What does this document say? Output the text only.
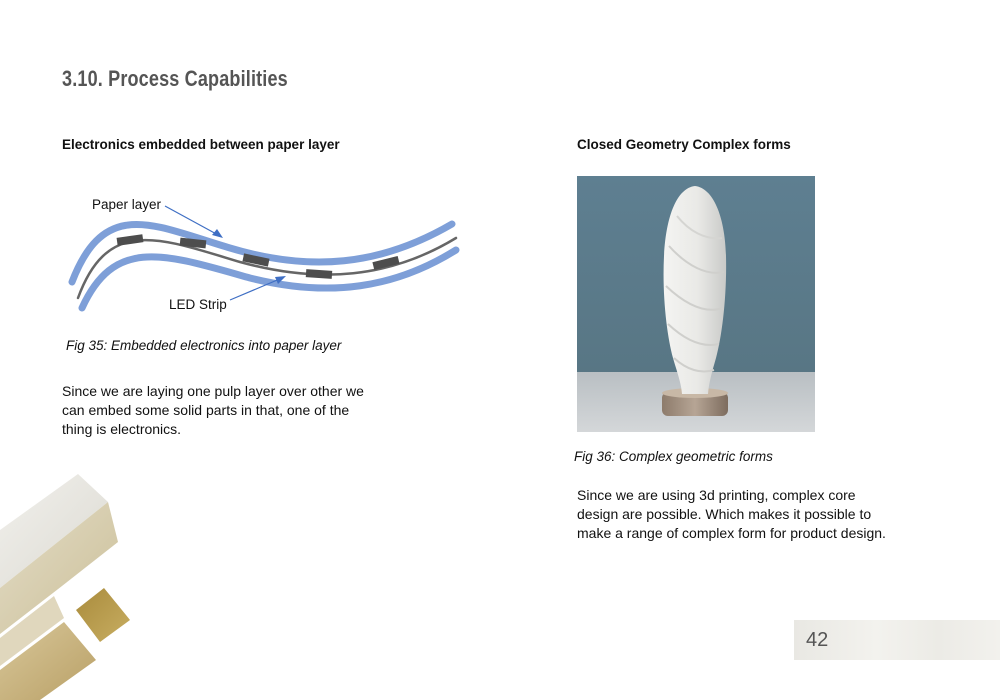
3.10. Process Capabilities
Electronics embedded between paper layer
Paper layer
LED Strip
Fig 35: Embedded electronics into paper layer
Since we are laying one pulp layer over other we
can embed some solid parts in that, one of the
thing is electronics.
Closed Geometry Complex forms
Fig 36: Complex geometric forms
Since we are using 3d printing, complex core
design are possible. Which makes it possible to
make a range of complex form for product design.
42
